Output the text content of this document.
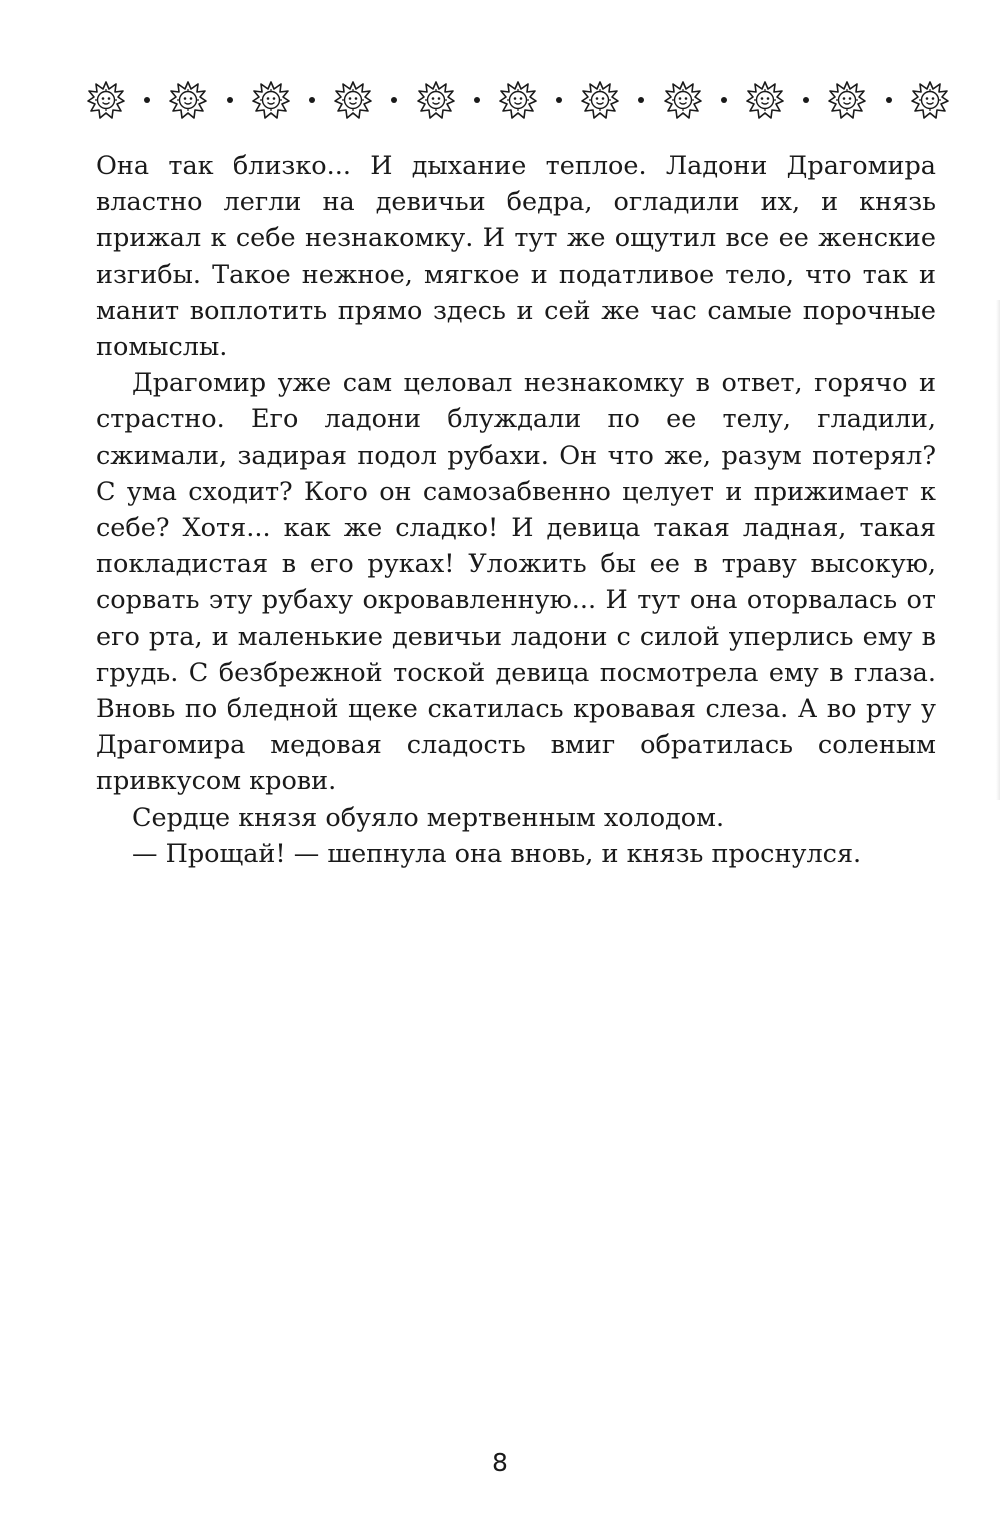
Она так близко... И дыхание теплое. Ладони Драгомира властно легли на девичьи бедра, огладили их, и князь прижал к себе незнакомку. И тут же ощутил все ее женские изгибы. Такое нежное, мягкое и податливое тело, что так и манит воплотить прямо здесь и сей же час самые порочные помыслы.

Драгомир уже сам целовал незнакомку в ответ, горячо и страстно. Его ладони блуждали по ее телу, гладили, сжимали, задирая подол рубахи. Он что же, разум потерял? С ума сходит? Кого он самозабвенно целует и прижимает к себе? Хотя... как же сладко! И девица такая ладная, такая покладистая в его руках! Уложить бы ее в траву высокую, сорвать эту рубаху окровавленную... И тут она оторвалась от его рта, и маленькие девичьи ладони с силой уперлись ему в грудь. С безбрежной тоской девица посмотрела ему в глаза. Вновь по бледной щеке скатилась кровавая слеза. А во рту у Драгомира медовая сладость вмиг обратилась соленым привкусом крови.

Сердце князя обуяло мертвенным холодом.

— Прощай! — шепнула она вновь, и князь проснулся.

8
